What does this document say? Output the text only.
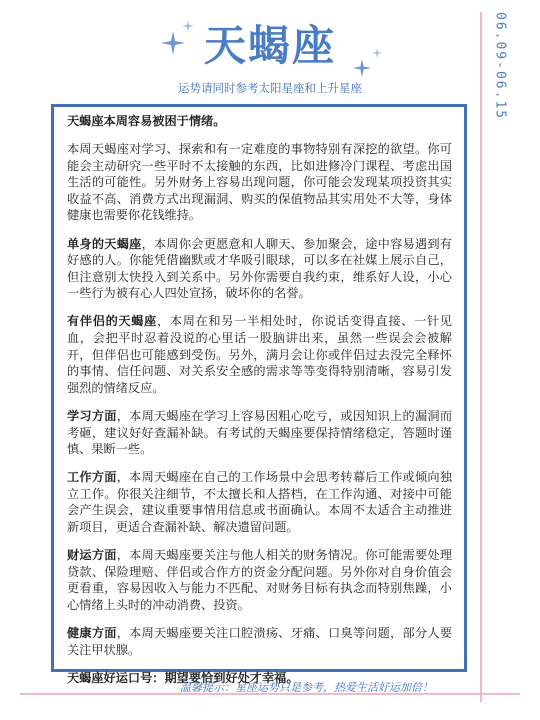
天蝎座
运势请同时参考太阳星座和上升星座	06.09-06.15

天蝎座本周容易被困于情绪。

本周天蝎座对学习、探索和有一定难度的事物特别有深挖的欲望。你可能会主动研究一些平时不太接触的东西，比如进修冷门课程、考虑出国生活的可能性。另外财务上容易出现问题，你可能会发现某项投资其实收益不高、消费方式出现漏洞、购买的保值物品其实用处不大等，身体健康也需要你花钱维持。

单身的天蝎座，本周你会更愿意和人聊天、参加聚会，途中容易遇到有好感的人。你能凭借幽默或才华吸引眼球，可以多在社媒上展示自己，但注意别太快投入到关系中。另外你需要自我约束，维系好人设，小心一些行为被有心人四处宣扬，破坏你的名誉。

有伴侣的天蝎座，本周在和另一半相处时，你说话变得直接、一针见血，会把平时忍着没说的心里话一股脑讲出来，虽然一些误会会被解开，但伴侣也可能感到受伤。另外，满月会让你或伴侣过去没完全释怀的事情、信任问题、对关系安全感的需求等等变得特别清晰，容易引发强烈的情绪反应。

学习方面，本周天蝎座在学习上容易因粗心吃亏，或因知识上的漏洞而考砸，建议好好查漏补缺。有考试的天蝎座要保持情绪稳定，答题时谨慎、果断一些。

工作方面，本周天蝎座在自己的工作场景中会思考转幕后工作或倾向独立工作。你很关注细节，不太擅长和人搭档，在工作沟通、对接中可能会产生误会，建议重要事情用信息或书面确认。本周不太适合主动推进新项目，更适合查漏补缺、解决遗留问题。

财运方面，本周天蝎座要关注与他人相关的财务情况。你可能需要处理贷款、保险理赔、伴侣或合作方的资金分配问题。另外你对自身价值会更看重，容易因收入与能力不匹配、对财务目标有执念而特别焦躁，小心情绪上头时的冲动消费、投资。

健康方面，本周天蝎座要关注口腔溃疡、牙痛、口臭等问题，部分人要关注甲状腺。

天蝎座好运口号：期望要恰到好处才幸福。

温馨提示：星座运势只是参考，热爱生活好运加倍！
